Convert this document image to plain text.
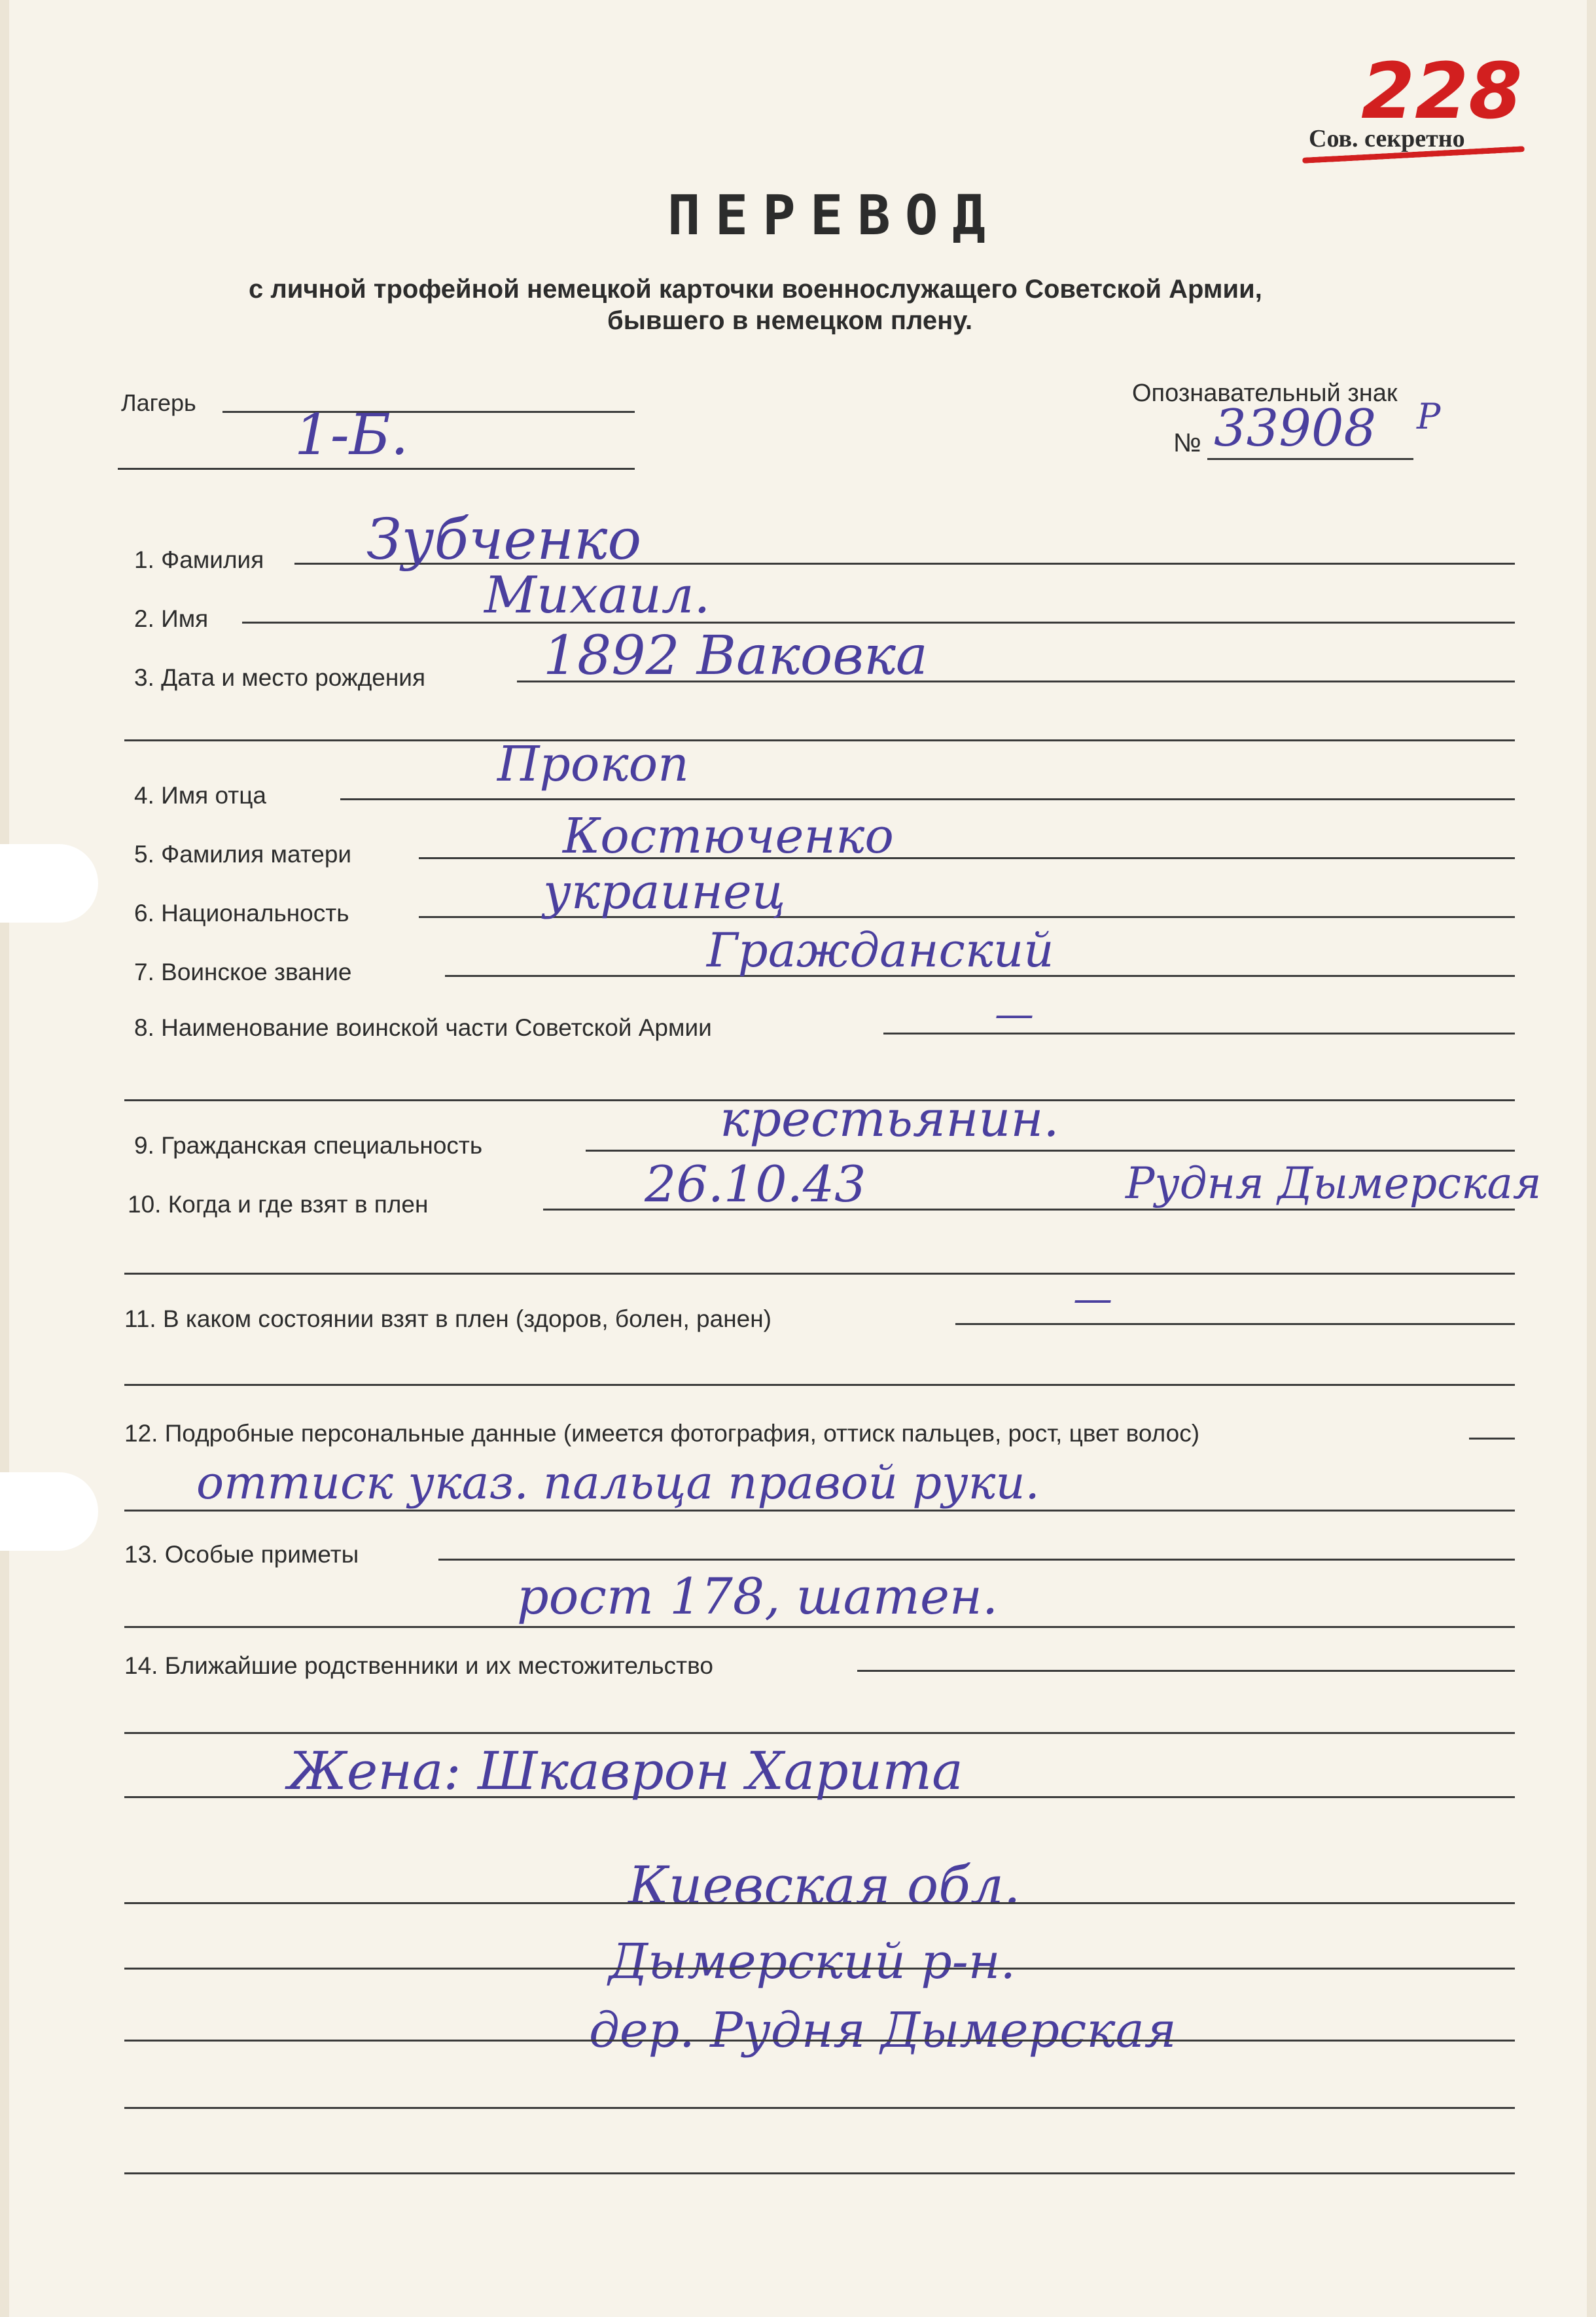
228
Сов. секретно
ПЕРЕВОД
с личной трофейной немецкой карточки военнослужащего Советской Армии,
бывшего в немецком плену.
Лагерь 1-Б.
Опознавательный знак
№ 33908 P
1. Фамилия Зубченко
2. Имя	Михаил.
3. Дата и место рождения 1892 Ваковка
4. Имя отца
Прокоп
5. Фамилия матери	Костюченко
6. Национальность	украинец
7. Воинское звание	Гражданский
8. Наименование воинской части Советской Армии	—
9. Гражданская специальность	крестьянин.
10. Когда и где взят в плен	26.10.43	Рудня Дымерская
11. В каком состоянии взят в плен (здоров, болен, ранен)	—
12. Подробные персональные данные (имеется фотография, оттиск пальцев, рост, цвет волос)
оттиск указ. пальца правой руки.
13. Особые приметы
рост 178, шатен.
14. Ближайшие родственники и их местожительство
Жена: Шкаврон Харита
Киевская обл.
Дымерский р-н.
дер. Рудня Дымерская
